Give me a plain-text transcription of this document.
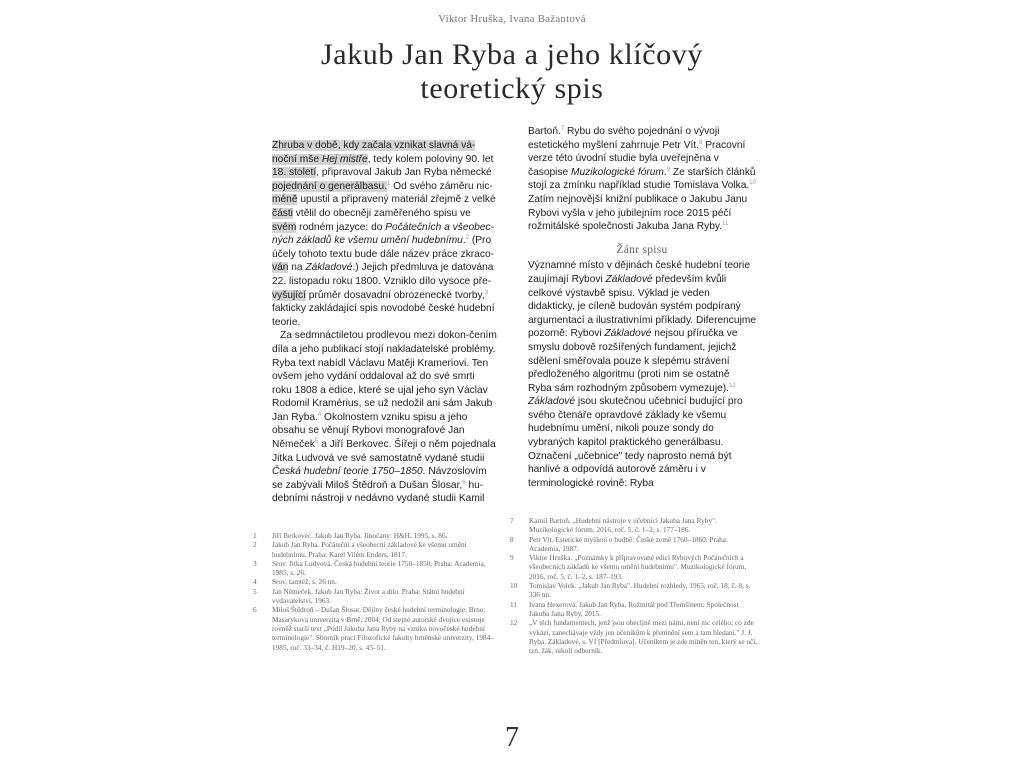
Viktor Hruška, Ivana Bažantová
Jakub Jan Ryba a jeho klíčový
teoretický spis

Zhruba v době, kdy začala vznikat slavná vá- noční mše Hej mistře, tedy kolem poloviny 90. let 18. století, připravoval Jakub Jan Ryba německé pojednání o generálbasu.$^1$ Od svého záměru nic-méně upustil a připravený materiál zřejmě z velké části vtělil do obecněji zaměřeného spisu ve svém rodném jazyce: do Počátečních a všeobec-ných základů ke všemu umění hudebnímu.$^2$ (Pro účely tohoto textu bude dále název práce zkraco-ván na Základové.) Jejich předmluva je datována 22. listopadu roku 1800. Vzniklo dílo vysoce pře-vyšující průměr dosavadní obrozenecké tvorby,$^3$ fakticky zakládající spis novodobé české hudební teorie.

Za sedmnáctiletou prodlevou mezi dokon-čením díla a jeho publikací stojí nakladatelské problémy. Ryba text nabídl Václavu Matěji Krameriovi. Ten ovšem jeho vydání oddaloval až do své smrti roku 1808 a edice, které se ujal jeho syn Václav Rodomil Kramérius, se už nedožil ani sám Jakub Jan Ryba.$^4$ Okolnostem vzniku spisu a jeho obsahu se věnují Rybovi monografové Jan Němeček$^5$ a Jiří Berkovec. Šířeji o něm pojednala Jitka Ludvová ve své samostatně vydané studii Česká hudební teorie 1750–1850. Návzoslovím se zabývali Miloš Štědroň a Dušan Šlosar,$^6$ hu-debními nástroji v nedávno vydané studii Kamil

Bartoň.$^7$ Rybu do svého pojednání o vývoji estetického myšlení zahrnuje Petr Vít.$^8$ Pracovní verze této úvodní studie byla uveřejněna v časopise Muzikologické fórum.$^9$ Ze starších článků stojí za zmínku například studie Tomislava Volka.$^{10}$ Zatím nejnovější knižní publikace o Jakubu Janu Rybovi vyšla v jeho jubilejním roce 2015 péčí rožmitálské společnosti Jakuba Jana Ryby.$^{11}$

Žánr spisu

Významné místo v dějinách české hudební teorie zaujímají Rybovi Základové především kvůli celkové výstavbě spisu. Výklad je veden didakticky, je cíleně budován systém podpíraný argumentací a ilustrativními příklady. Diferencujme pozorně: Rybovi Základové nejsou příručka ve smyslu dobově rozšířených fundament, jejichž sdělení směřovala pouze k slepému strávení předloženého algoritmu (proti nim se ostatně Ryba sám rozhodným způsobem vymezuje).$^{12}$ Základové jsou skutečnou učebnicí budující pro svého čtenáře opravdové základy ke všemu hudebnímu umění, nikoli pouze sondy do vybraných kapitol praktického generálbasu. Označení „učebnice" tedy naprosto nemá být hanlivé a odpovídá autorově záměru i v terminologické rovině: Ryba

1	Jiří Berkovec. Jakub Jan Ryba. Jinočany: H&H, 1995, s. 86.
2	Jakub Jan Ryba. Počáteční a všeobecní základové ke všemu umění hudebnímu. Praha: Karel Vilém Enders, 1817.
3	Srov. Jitka Ludvová. Česká hudební teorie 1750–1850. Praha: Academia, 1985, s. 26.
4	Srov. tamtéž, s. 26 nn.
5	Jan Němeček. Jakub Jan Ryba: Život a dílo. Praha: Státní hudební vydavatelství, 1963.
6	Miloš Štědroň – Dušan Šlosar. Dějiny české hudební terminologie. Brno: Masarykova univerzita v Brně, 2004. Od stejné autorské dvojice existuje rovněž starší text „Podíl Jakuba Jana Ryby na vzniku novočeské hudební terminologie". Sborník prací Filozofické fakulty brněnské univerzity, 1984–1985, roč. 33–34, č. H19–20, s. 45–51.
7	Kamil Bartoň. „Hudební nástroje v učebnici Jakuba Jana Ryby". Muzikologické fórum, 2016, roč. 5, č. 1–2, s. 177–186.
8	Petr Vít. Estetické myšlení o hudbě: České země 1760–1860. Praha: Academia, 1987.
9	Viktor Hruška. „Poznámky k připravované edici Rybových Počátečních a všeobecních základů ke všemu umění hudebnímu". Muzikologické fórum, 2016, roč. 5, č. 1–2, s. 187–193.
10	Tomislav Volek. „Jakub Jan Ryba". Hudební rozhledy, 1965, roč. 18, č. 8, s. 336 nn.
11	Ivana Hexerová. Jakub Jan Ryba. Rožmitál pod Třemšínem: Společnost Jakuba Jana Ryby, 2015.
12	„V těch fundamentech, jenž jsou obecljně mezi námi, není nic celého; co zde vykází, zanechávaje vždy jen učeníkům k přemnění sem a tam hledaní." J. J. Ryba. Základové, s. VI [Předmluva]. Učeníkem je zde míněn ten, který se učí, tzn. žák, nikoli odborník.
7
